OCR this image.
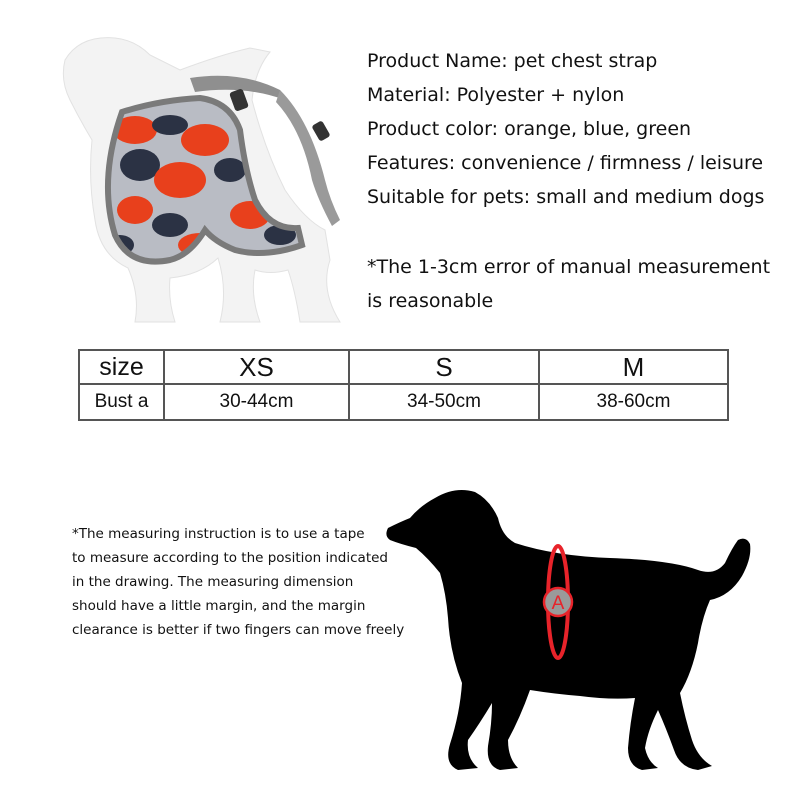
Product Name: pet chest strap
Material: Polyester + nylon
Product color: orange, blue, green
Features: convenience / firmness / leisure
Suitable for pets: small and medium dogs
*The 1-3cm error of manual measurement is reasonable
size	XS	S	M
Bust a	30-44cm	34-50cm	38-60cm
*The measuring instruction is to use a tape
to measure according to the position indicated
in the drawing. The measuring dimension
should have a little margin, and the margin
clearance is better if two fingers can move freely
A
